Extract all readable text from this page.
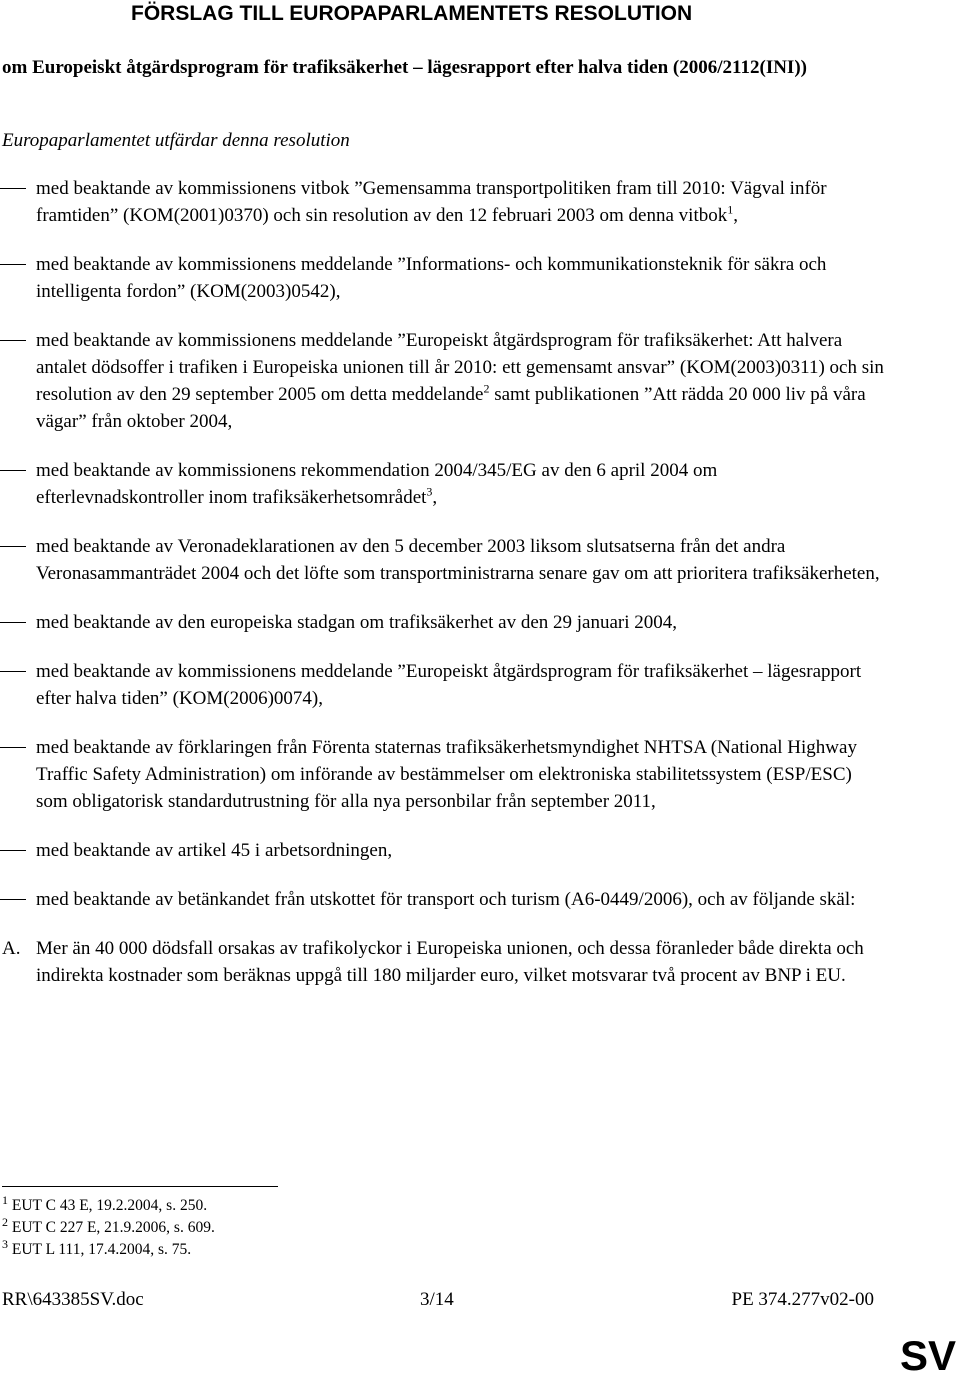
FÖRSLAG TILL EUROPAPARLAMENTETS RESOLUTION
om Europeiskt åtgärdsprogram för trafiksäkerhet – lägesrapport efter halva tiden (2006/2112(INI))
Europaparlamentet utfärdar denna resolution
med beaktande av kommissionens vitbok ”Gemensamma transportpolitiken fram till 2010: Vägval inför framtiden” (KOM(2001)0370) och sin resolution av den 12 februari 2003 om denna vitbok$^1$,
med beaktande av kommissionens meddelande ”Informations- och kommunikationsteknik för säkra och intelligenta fordon” (KOM(2003)0542),
med beaktande av kommissionens meddelande ”Europeiskt åtgärdsprogram för trafiksäkerhet: Att halvera antalet dödsoffer i trafiken i Europeiska unionen till år 2010: ett gemensamt ansvar” (KOM(2003)0311) och sin resolution av den 29 september 2005 om detta meddelande$^2$ samt publikationen ”Att rädda 20 000 liv på våra vägar” från oktober 2004,
med beaktande av kommissionens rekommendation 2004/345/EG av den 6 april 2004 om efterlevnadskontroller inom trafiksäkerhetsområdet$^3$,
med beaktande av Veronadeklarationen av den 5 december 2003 liksom slutsatserna från det andra Veronasammanträdet 2004 och det löfte som transportministrarna senare gav om att prioritera trafiksäkerheten,
med beaktande av den europeiska stadgan om trafiksäkerhet av den 29 januari 2004,
med beaktande av kommissionens meddelande ”Europeiskt åtgärdsprogram för trafiksäkerhet – lägesrapport efter halva tiden” (KOM(2006)0074),
med beaktande av förklaringen från Förenta staternas trafiksäkerhetsmyndighet NHTSA (National Highway Traffic Safety Administration) om införande av bestämmelser om elektroniska stabilitetssystem (ESP/ESC) som obligatorisk standardutrustning för alla nya personbilar från september 2011,
med beaktande av artikel 45 i arbetsordningen,
med beaktande av betänkandet från utskottet för transport och turism (A6-0449/2006), och av följande skäl:
A. Mer än 40 000 dödsfall orsakas av trafikolyckor i Europeiska unionen, och dessa föranleder både direkta och indirekta kostnader som beräknas uppgå till 180 miljarder euro, vilket motsvarar två procent av BNP i EU.
$^1$ EUT C 43 E, 19.2.2004, s. 250.
$^2$ EUT C 227 E, 21.9.2006, s. 609.
$^3$ EUT L 111, 17.4.2004, s. 75.
RR\643385SV.doc	3/14	PE 374.277v02-00
SV
